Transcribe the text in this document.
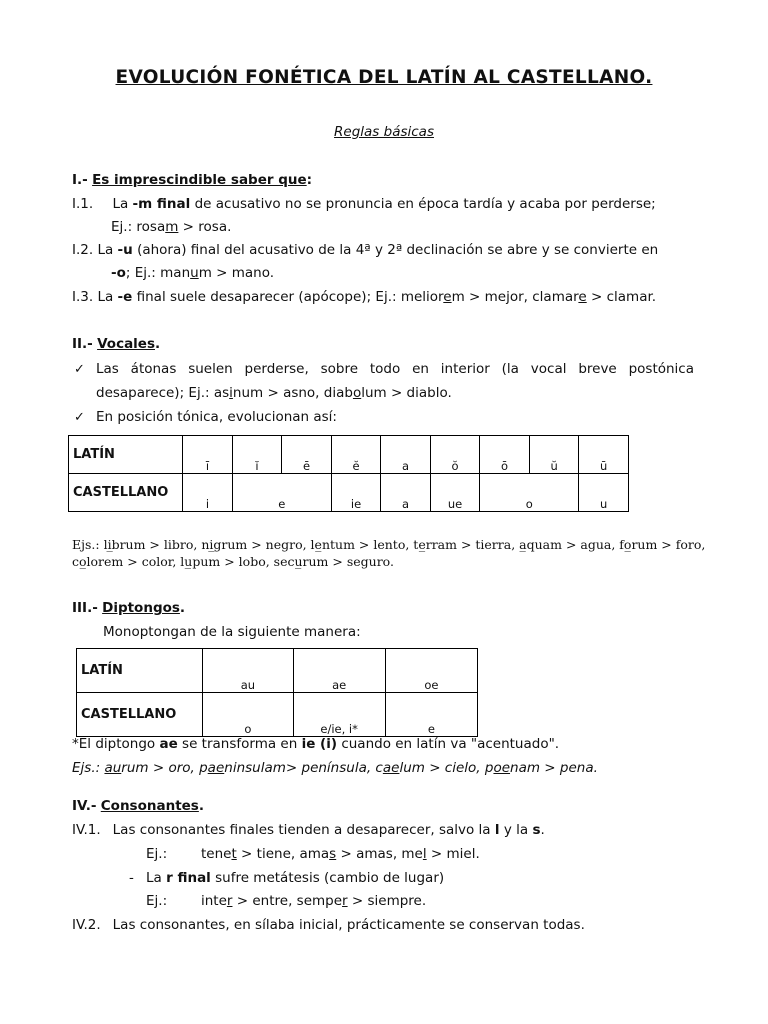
EVOLUCIÓN FONÉTICA DEL LATÍN AL CASTELLANO.
Reglas básicas
I.- Es imprescindible saber que:
I.1. La -m final de acusativo no se pronuncia en época tardía y acaba por perderse;
Ej.: rosam > rosa.
I.2. La -u (ahora) final del acusativo de la 4ª y 2ª declinación se abre y se convierte en
-o; Ej.: manum > mano.
I.3. La -e final suele desaparecer (apócope); Ej.: meliorem > mejor, clamare > clamar.
II.- Vocales.
✓ Las átonas suelen perderse, sobre todo en interior (la vocal breve postónica
desaparece); Ej.: asinum > asno, diabolum > diablo.
✓ En posición tónica, evolucionan así:
LATÍN	ī	ĭ	ē	ĕ	a	ŏ	ō	ŭ	ū
CASTELLANO	i	e		ie	a	ue	o		u
Ejs.: li̲brum > libro, ni̲grum > negro, le̲ntum > lento, te̲rram > tierra, a̲quam > agua, fo̲rum > foro,
co̲lorem > color, lu̲pum > lobo, secu̲rum > seguro.
III.- Diptongos.
Monoptongan de la siguiente manera:
LATÍN	au	ae	oe
CASTELLANO	o	e/ie, i*	e
*El diptongo ae se transforma en ie (i) cuando en latín va "acentuado".
Ejs.: aurum > oro, paeninsulam> península, caelum > cielo, poenam > pena.
IV.- Consonantes.
IV.1. Las consonantes finales tienden a desaparecer, salvo la l y la s.
Ej.:	tenet > tiene, amas > amas, mel > miel.
- La r final sufre metátesis (cambio de lugar)
Ej.:	inter > entre, semper > siempre.
IV.2. Las consonantes, en sílaba inicial, prácticamente se conservan todas.
